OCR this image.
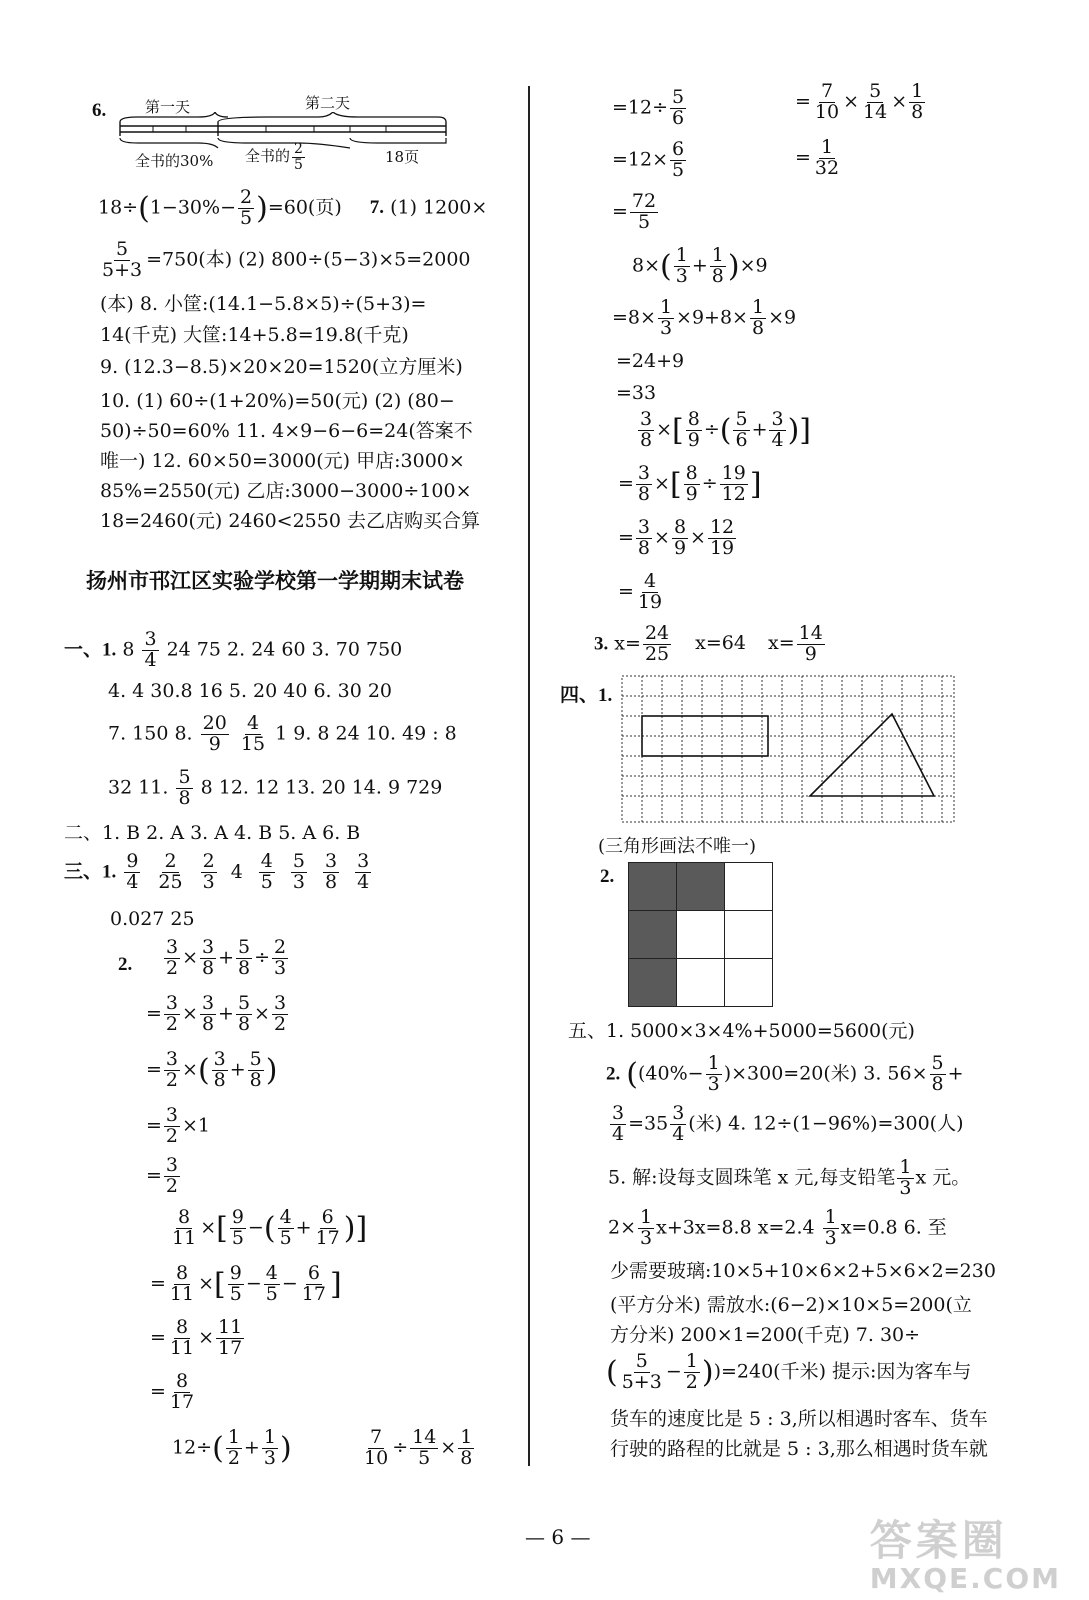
6.	第一天	第二天
全书的30% 全书的 $\frac{2}{5}$	18页
$18\div(1-30\%- \frac{2}{5} )=60$(页) 7. (1) 1200×
$\frac{5}{5+3} =750$(本) (2) 800÷(5−3)×5=2000
(本) 8. 小筐:(14.1−5.8×5)÷(5+3)=
14(千克) 大筐:14+5.8=19.8(千克)
9. (12.3−8.5)×20×20=1520(立方厘米)
10. (1) 60÷(1+20%)=50(元) (2) (80−
50)÷50=60% 11. 4×9−6−6=24(答案不
唯一) 12. 60×50=3000(元) 甲店:3000×
85%=2550(元) 乙店:3000−3000÷100×
18=2460(元) 2460<2550 去乙店购买合算
扬州市邗江区实验学校第一学期期末试卷
一、1. $8 \frac{3}{4} 24$ 75 2. 24 60 3. 70 750
4. 4 30.8 16 5. 20 40 6. 30 20
7. 150 8. $\frac{20}{9}$
$\frac{4}{15} 1$ 9. 8 24 10. 49 : 8
32 11. $\frac{5}{8} 8$ 12. 12 13. 20 14. 9 729
二、1. B 2. A 3. A 4. B 5. A 6. B
三、1. $\frac{9}{4} \frac{2}{25} \frac{2}{3} 4 \frac{4}{5} \frac{5}{3} \frac{3}{8} \frac{3}{4}$
0.027 25
2. $\frac{3}{2} \times \frac{3}{8} + \frac{5}{8} \div \frac{2}{3}$
= $\frac{3}{2} \times \frac{3}{8} + \frac{5}{8} \times \frac{3}{2}$
= $\frac{3}{2}$ ×( $\frac{3}{8} + \frac{5}{8}$ )
= $\frac{3}{2} \times 1$
= $\frac{3}{2}$
$\frac{8}{11}$ ×[ $\frac{9}{5}$ −( $\frac{4}{5} + \frac{6}{17}$ )]
= $\frac{8}{11}$ ×[ $\frac{9}{5} - \frac{4}{5} - \frac{6}{17}$ ]
= $\frac{8}{11} \times \frac{11}{17}$
= $\frac{8}{17}$
$12\div( \frac{1}{2} + \frac{1}{3}$ )	$\frac{7}{10} \div \frac{14}{5} \times \frac{1}{8}$
$=12\div \frac{5}{6}$
$=12\times \frac{6}{5}$
= $\frac{72}{5}$
= $\frac{7}{10} \times \frac{5}{14} \times \frac{1}{8}$
= $\frac{1}{32}$
$8\times( \frac{1}{3} + \frac{1}{8} )\times 9$
$=8\times \frac{1}{3} \times 9+8\times \frac{1}{8} \times 9$
=24+9
=33
$\frac{3}{8}$ ×[ $\frac{8}{9}$ ÷( $\frac{5}{6} + \frac{3}{4}$ )]
= $\frac{3}{8}$ ×[ $\frac{8}{9} \div \frac{19}{12}$ ]
= $\frac{3}{8} \times \frac{8}{9} \times \frac{12}{19}$
= $\frac{4}{19}$
3. $x= \frac{24}{25} x=64$ $x= \frac{14}{9}$
四、1.
(三角形画法不唯一)
2.

五、1. 5000×3×4%+5000=5600(元)
2. ($(40\%- \frac{1}{3} )\times 300=20$(米) 3. $56\times \frac{5}{8}$ +
$\frac{3}{4} =35 \frac{3}{4}$ (米) 4. 12÷(1−96%)=300(人)
5. 解:设每支圆珠笔 x 元,每支铅笔 $\frac{1}{3}$ x 元。
$2\times \frac{1}{3} x+3x=8.8$ $x=2.4 \frac{1}{3} x=0.8$ 6. 至
少需要玻璃:10×5+10×6×2+5×6×2=230
(平方分米) 需放水:(6−2)×10×5=200(立
方分米) 200×1=200(千克) 7. 30÷
( $\frac{5}{5+3} - \frac{1}{2} ))=240$(千米) 提示:因为客车与
货车的速度比是 5 : 3,所以相遇时客车、货车
行驶的路程的比就是 5 : 3,那么相遇时货车就
— 6 —	答案圈
MXQE.COM
